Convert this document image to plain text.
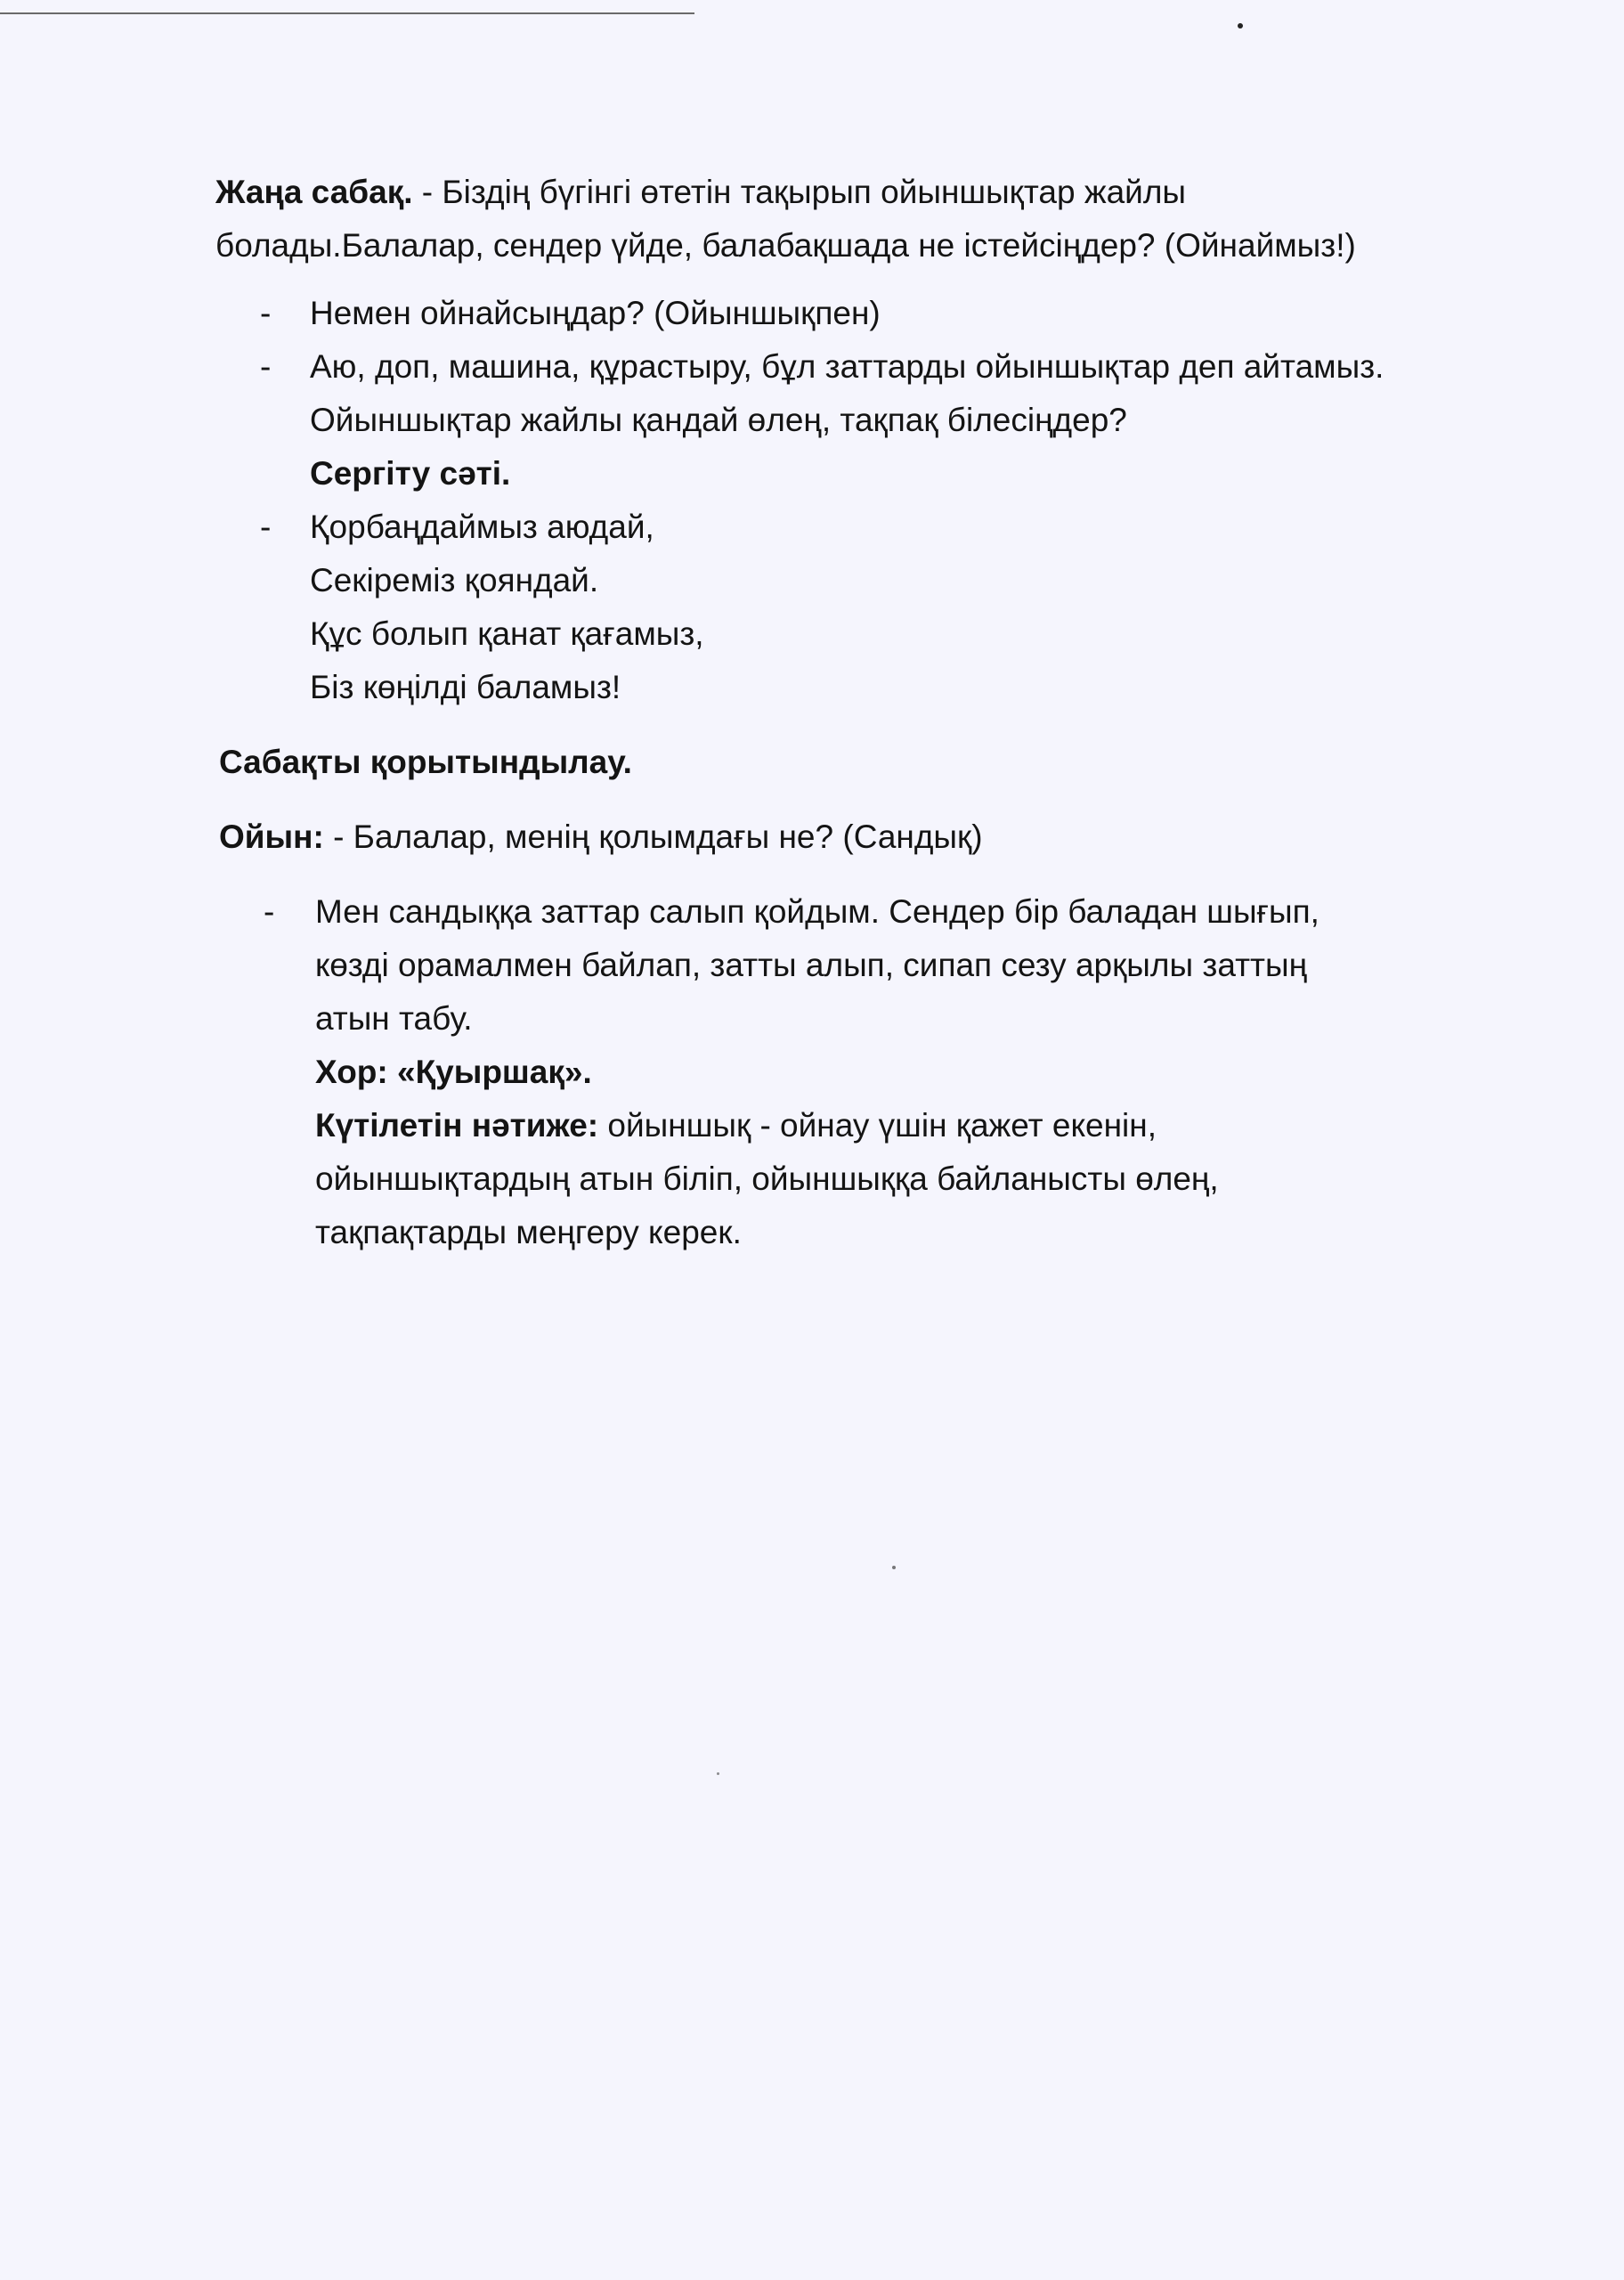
Жаңа сабақ. - Біздің бүгінгі өтетін тақырып ойыншықтар жайлы
болады.Балалар, сендер үйде, балабақшада не істейсіңдер? (Ойнаймыз!)
- Немен ойнайсыңдар? (Ойыншықпен)
- Аю, доп, машина, құрастыру, бұл заттарды ойыншықтар деп айтамыз.
Ойыншықтар жайлы қандай өлең, тақпақ білесіңдер?
Сергіту сәті.
- Қорбаңдаймыз аюдай,
Секіреміз қояндай.
Құс болып қанат қағамыз,
Біз көңілді баламыз!
Сабақты қорытындылау.
Ойын: - Балалар, менің қолымдағы не? (Сандық)
- Мен сандыққа заттар салып қойдым. Сендер бір баладан шығып,
көзді орамалмен байлап, затты алып, сипап сезу арқылы заттың
атын табу.
Хор: «Қуыршақ».
Күтілетін нәтиже: ойыншық - ойнау үшін қажет екенін,
ойыншықтардың атын біліп, ойыншыққа байланысты өлең,
тақпақтарды меңгеру керек.
